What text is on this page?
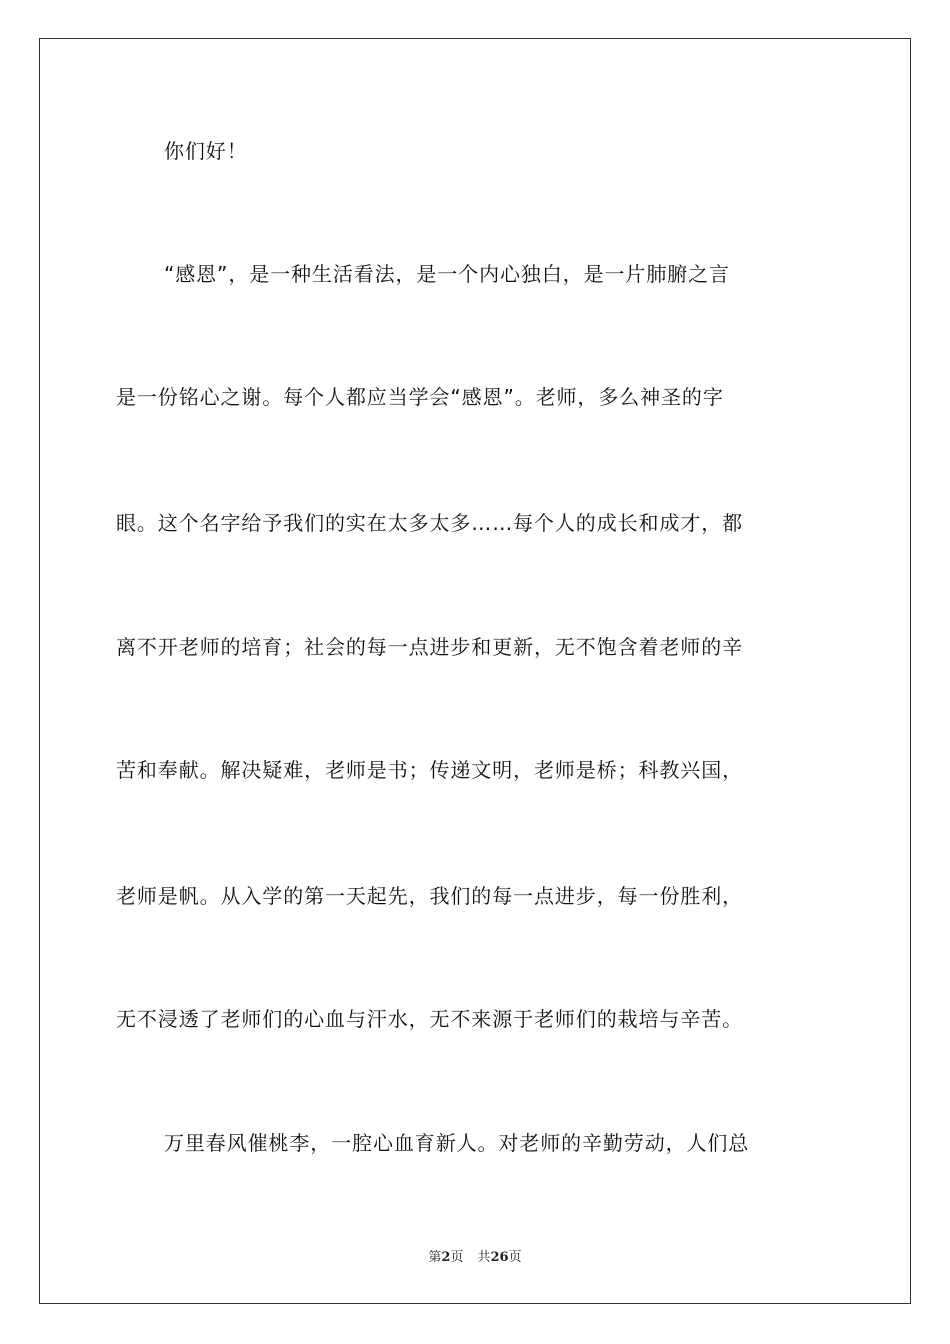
你们好！
“感恩”，是一种生活看法，是一个内心独白，是一片肺腑之言
是一份铭心之谢。每个人都应当学会“感恩”。老师，多么神圣的字
眼。这个名字给予我们的实在太多太多……每个人的成长和成才，都
离不开老师的培育；社会的每一点进步和更新，无不饱含着老师的辛
苦和奉献。解决疑难，老师是书；传递文明，老师是桥；科教兴国，
老师是帆。从入学的第一天起先，我们的每一点进步，每一份胜利，
无不浸透了老师们的心血与汗水，无不来源于老师们的栽培与辛苦。
万里春风催桃李，一腔心血育新人。对老师的辛勤劳动，人们总
第2页 共26页
